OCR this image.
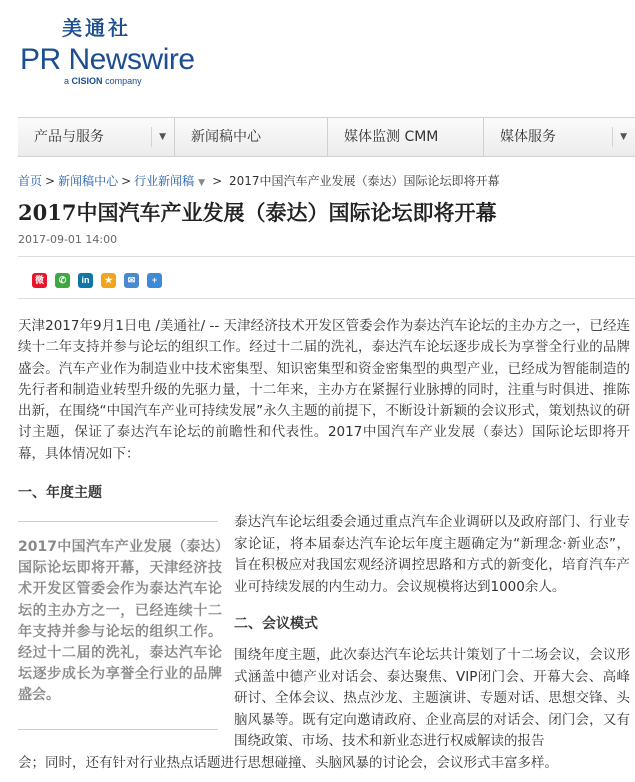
美通社
PR Newswire
a CISION company
产品与服务	▼ 新闻稿中心	媒体监测 CMM	媒体服务	▼
首页 > 新闻稿中心 > 行业新闻稿 ▼ > 2017中国汽车产业发展（泰达）国际论坛即将开幕
2017中国汽车产业发展（泰达）国际论坛即将开幕
2017-09-01 14:00
微	✆	in	★	✉	+

天津2017年9月1日电 /美通社/ -- 天津经济技术开发区管委会作为泰达汽车论坛的主办方之一，已经连续十二年支持并参与论坛的组织工作。经过十二届的洗礼，泰达汽车论坛逐步成长为享誉全行业的品牌盛会。汽车产业作为制造业中技术密集型、知识密集型和资金密集型的典型产业，已经成为智能制造的先行者和制造业转型升级的先驱力量，十二年来，主办方在紧握行业脉搏的同时，注重与时俱进、推陈出新，在围绕“中国汽车产业可持续发展”永久主题的前提下，不断设计新颖的会议形式，策划热议的研讨主题，保证了泰达汽车论坛的前瞻性和代表性。2017中国汽车产业发展（泰达）国际论坛即将开幕，具体情况如下：

一、年度主题

2017中国汽车产业发展（泰达）国际论坛即将开幕，天津经济技术开发区管委会作为泰达汽车论坛的主办方之一，已经连续十二年支持并参与论坛的组织工作。经过十二届的洗礼，泰达汽车论坛逐步成长为享誉全行业的品牌盛会。

泰达汽车论坛组委会通过重点汽车企业调研以及政府部门、行业专家论证，将本届泰达汽车论坛年度主题确定为“新理念·新业态”，旨在积极应对我国宏观经济调控思路和方式的新变化，培育汽车产业可持续发展的内生动力。会议规模将达到1000余人。

二、会议模式

围绕年度主题，此次泰达汽车论坛共计策划了十二场会议，会议形式涵盖中德产业对话会、泰达聚焦、VIP闭门会、开幕大会、高峰研讨、全体会议、热点沙龙、主题演讲、专题对话、思想交锋、头脑风暴等。既有定向邀请政府、企业高层的对话会、闭门会，又有围绕政策、市场、技术和新业态进行权威解读的报告

会；同时，还有针对行业热点话题进行思想碰撞、头脑风暴的讨论会，会议形式丰富多样。
